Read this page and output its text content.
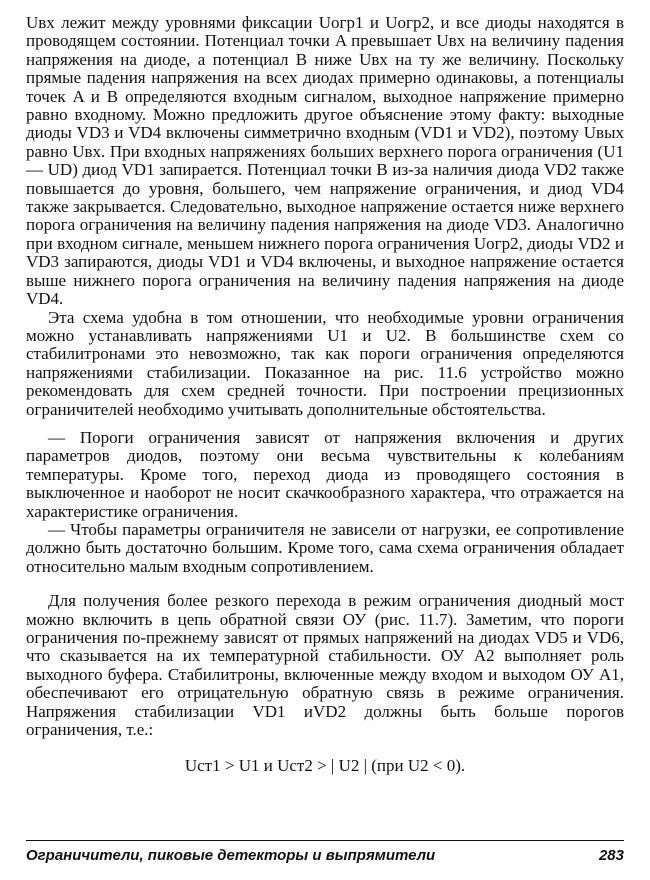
Uвх лежит между уровнями фиксации Uогр1 и Uогр2, и все диоды находятся в проводящем состоянии. Потенциал точки A превышает Uвх на величину падения напряжения на диоде, а потенциал B ниже Uвх на ту же величину. Поскольку прямые падения напряжения на всех диодах примерно одинаковы, а потенциалы точек A и B определяются входным сигналом, выходное напряжение примерно равно входному. Можно предложить другое объяснение этому факту: выходные диоды VD3 и VD4 включены симметрично входным (VD1 и VD2), поэтому Uвых равно Uвх. При входных напряжениях больших верхнего порога ограничения (U1 — UD) диод VD1 запирается. Потенциал точки B из-за наличия диода VD2 также повышается до уровня, большего, чем напряжение ограничения, и диод VD4 также закрывается. Следовательно, выходное напряжение остается ниже верхнего порога ограничения на величину падения напряжения на диоде VD3. Аналогично при входном сигнале, меньшем нижнего порога ограничения Uогр2, диоды VD2 и VD3 запираются, диоды VD1 и VD4 включены, и выходное напряжение остается выше нижнего порога ограничения на величину падения напряжения на диоде VD4.

Эта схема удобна в том отношении, что необходимые уровни ограничения можно устанавливать напряжениями U1 и U2. В большинстве схем со стабилитронами это невозможно, так как пороги ограничения определяются напряжениями стабилизации. Показанное на рис. 11.6 устройство можно рекомендовать для схем средней точности. При построении прецизионных ограничителей необходимо учитывать дополнительные обстоятельства.

— Пороги ограничения зависят от напряжения включения и других параметров диодов, поэтому они весьма чувствительны к колебаниям температуры. Кроме того, переход диода из проводящего состояния в выключенное и наоборот не носит скачкообразного характера, что отражается на характеристике ограничения.

— Чтобы параметры ограничителя не зависели от нагрузки, ее сопротивление должно быть достаточно большим. Кроме того, сама схема ограничения обладает относительно малым входным сопротивлением.

Для получения более резкого перехода в режим ограничения диодный мост можно включить в цепь обратной связи ОУ (рис. 11.7). Заметим, что пороги ограничения по-прежнему зависят от прямых напряжений на диодах VD5 и VD6, что сказывается на их температурной стабильности. ОУ A2 выполняет роль выходного буфера. Стабилитроны, включенные между входом и выходом ОУ A1, обеспечивают его отрицательную обратную связь в режиме ограничения. Напряжения стабилизации VD1 иVD2 должны быть больше порогов ограничения, т.е.:

Uст1 > U1 и Uст2 > | U2 | (при U2 < 0).
Ограничители, пиковые детекторы и выпрямители	283
